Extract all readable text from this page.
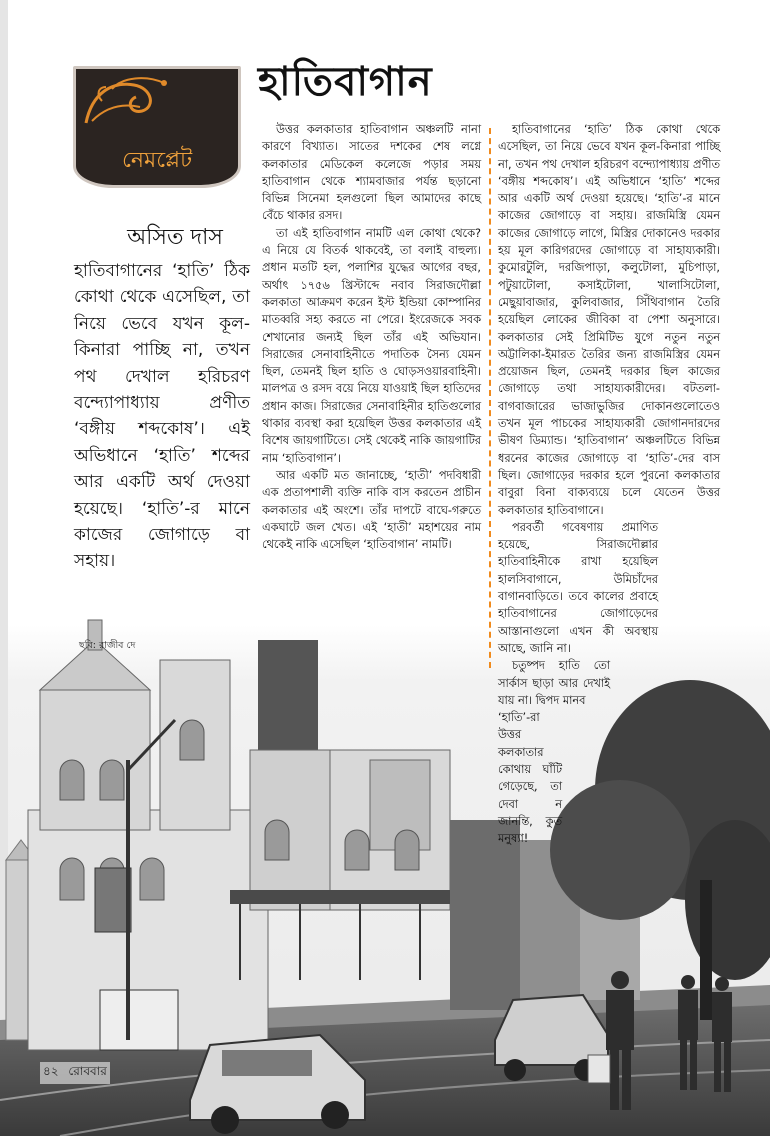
নেমপ্লেট
হাতিবাগান
অসিত দাস
হাতিবাগানের ‘হাতি’ ঠিক কোথা থেকে এসেছিল, তা নিয়ে ভেবে যখন কূল-কিনারা পাচ্ছি না, তখন পথ দেখাল হরিচরণ বন্দ্যোপাধ্যায় প্রণীত ‘বঙ্গীয় শব্দকোষ’। এই অভিধানে ‘হাতি’ শব্দের আর একটি অর্থ দেওয়া হয়েছে। ‘হাতি’-র মানে কাজের জোগাড়ে বা সহায়।

উত্তর কলকাতার হাতিবাগান অঞ্চলটি নানা কারণে বিখ্যাত। সাতের দশকের শেষ লগ্নে কলকাতার মেডিকেল কলেজে পড়ার সময় হাতিবাগান থেকে শ্যামবাজার পর্যন্ত ছড়ানো বিভিন্ন সিনেমা হলগুলো ছিল আমাদের কাছে বেঁচে থাকার রসদ।

তা এই হাতিবাগান নামটি এল কোথা থেকে? এ নিয়ে যে বিতর্ক থাকবেই, তা বলাই বাহুল্য। প্রধান মতটি হল, পলাশির যুদ্ধের আগের বছর, অর্থাৎ ১৭৫৬ খ্রিস্টাব্দে নবাব সিরাজদৌল্লা কলকাতা আক্রমণ করেন ইস্ট ইন্ডিয়া কোম্পানির মাতব্বরি সহ্য করতে না পেরে। ইংরেজকে সবক শেখানোর জন্যই ছিল তাঁর এই অভিযান। সিরাজের সেনাবাহিনীতে পদাতিক সৈন্য যেমন ছিল, তেমনই ছিল হাতি ও ঘোড়সওয়ারবাহিনী। মালপত্র ও রসদ বয়ে নিয়ে যাওয়াই ছিল হাতিদের প্রধান কাজ। সিরাজের সেনাবাহিনীর হাতিগুলোর থাকার ব্যবস্থা করা হয়েছিল উত্তর কলকাতার এই বিশেষ জায়গাটিতে। সেই থেকেই নাকি জায়গাটির নাম ‘হাতিবাগান’।

আর একটি মত জানাচ্ছে, ‘হাতী’ পদবিধারী এক প্রতাপশালী ব্যক্তি নাকি বাস করতেন প্রাচীন কলকাতার এই অংশে। তাঁর দাপটে বাঘে-গরুতে একঘাটে জল খেত। এই ‘হাতী’ মহাশয়ের নাম থেকেই নাকি এসেছিল ‘হাতিবাগান’ নামটি।

হাতিবাগানের ‘হাতি’ ঠিক কোথা থেকে এসেছিল, তা নিয়ে ভেবে যখন কূল-কিনারা পাচ্ছি না, তখন পথ দেখাল হরিচরণ বন্দ্যোপাধ্যায় প্রণীত ‘বঙ্গীয় শব্দকোষ’। এই অভিধানে ‘হাতি’ শব্দের আর একটি অর্থ দেওয়া হয়েছে। ‘হাতি’-র মানে কাজের জোগাড়ে বা সহায়। রাজমিস্ত্রি যেমন কাজের জোগাড়ে লাগে, মিস্ত্রির দোকানেও দরকার হয় মূল কারিগরদের জোগাড়ে বা সাহায্যকারী। কুমোরটুলি, দরজিপাড়া, কলুটোলা, মুচিপাড়া, পটুয়াটোলা, কসাইটোলা, খালাসিটোলা, মেছুয়াবাজার, কুলিবাজার, সিঁথিবাগান তৈরি হয়েছিল লোকের জীবিকা বা পেশা অনুসারে। কলকাতার সেই প্রিমিটিভ যুগে নতুন নতুন অট্টালিকা-ইমারত তৈরির জন্য রাজমিস্ত্রির যেমন প্রয়োজন ছিল, তেমনই দরকার ছিল কাজের জোগাড়ে তথা সাহায্যকারীদের। বটতলা-বাগবাজারের ভাজাভুজির দোকানগুলোতেও তখন মূল পাচকের সাহায্যকারী জোগানদারদের ভীষণ ডিম্যান্ড। ‘হাতিবাগান’ অঞ্চলটিতে বিভিন্ন ধরনের কাজের জোগাড়ে বা ‘হাতি’-দের বাস ছিল। জোগাড়ের দরকার হলে পুরনো কলকাতার বাবুরা বিনা বাক্যব্যয়ে চলে যেতেন উত্তর কলকাতার হাতিবাগানে।

পরবর্তী গবেষণায় প্রমাণিত হয়েছে, সিরাজদৌল্লার হাতিবাহিনীকে রাখা হয়েছিল হালসিবাগানে, উমিচাঁদের বাগানবাড়িতে। তবে কালের প্রবাহে হাতিবাগানের জোগাড়েদের আস্তানাগুলো এখন কী অবস্থায় আছে, জানি না।

চতুষ্পদ হাতি তো সার্কাস ছাড়া আর দেখাই যায় না। দ্বিপদ মানব

‘হাতি’-রা উত্তর কলকাতার কোথায় ঘাঁটি গেড়েছে, তা দেবা ন জানন্তি, কুত মনুষ্যা!

ছবি: রাজীব দে
৪২ রোববার
